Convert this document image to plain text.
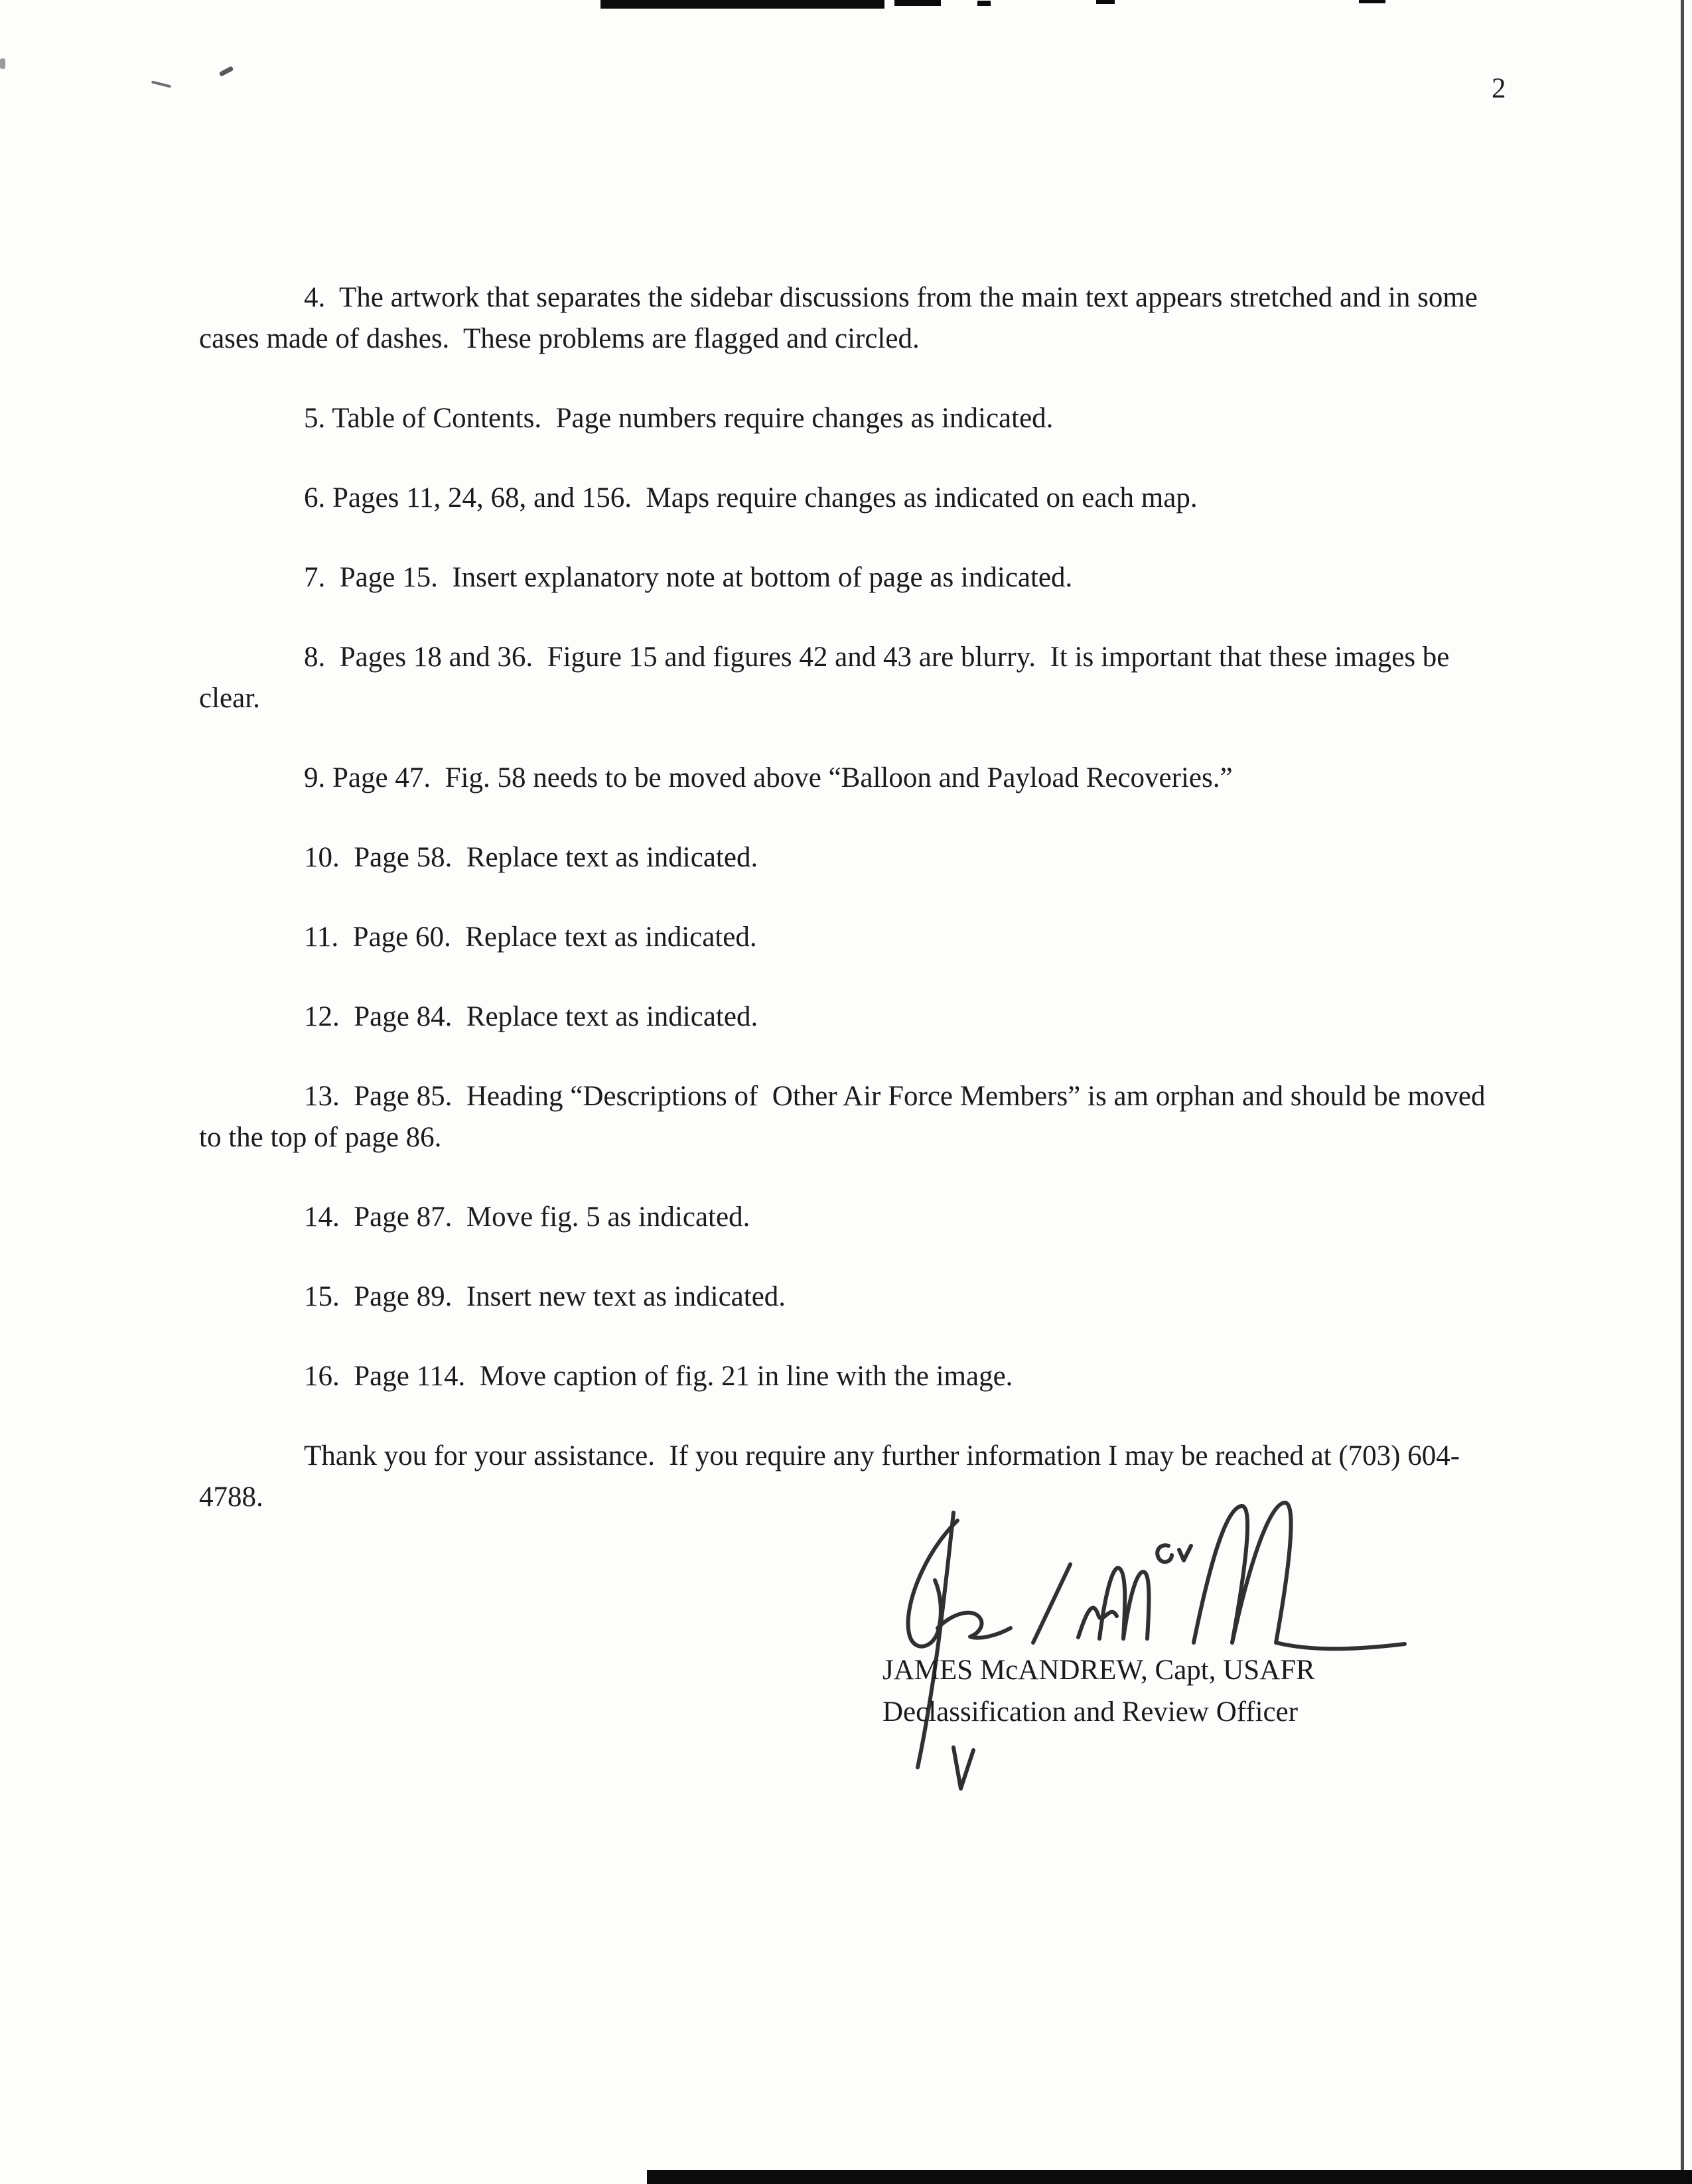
2

4.  The artwork that separates the sidebar discussions from the main text appears stretched and in some cases made of dashes.  These problems are flagged and circled.

5. Table of Contents.  Page numbers require changes as indicated.

6. Pages 11, 24, 68, and 156.  Maps require changes as indicated on each map.

7.  Page 15.  Insert explanatory note at bottom of page as indicated.

8.  Pages 18 and 36.  Figure 15 and figures 42 and 43 are blurry.  It is important that these images be clear.

9. Page 47.  Fig. 58 needs to be moved above “Balloon and Payload Recoveries.”

10.  Page 58.  Replace text as indicated.

11.  Page 60.  Replace text as indicated.

12.  Page 84.  Replace text as indicated.

13.  Page 85.  Heading “Descriptions of  Other Air Force Members” is am orphan and should be moved to the top of page 86.

14.  Page 87.  Move fig. 5 as indicated.

15.  Page 89.  Insert new text as indicated.

16.  Page 114.  Move caption of fig. 21 in line with the image.

Thank you for your assistance.  If you require any further information I may be reached at (703) 604-4788.

JAMES McANDREW, Capt, USAFR
Declassification and Review Officer
